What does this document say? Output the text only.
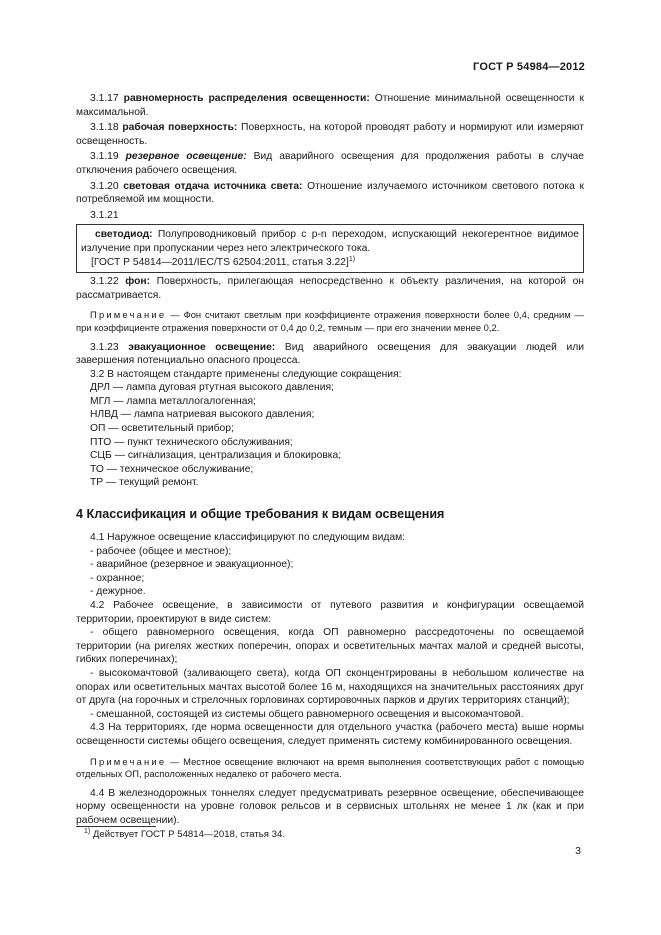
ГОСТ Р 54984—2012

3.1.17 равномерность распределения освещенности: Отношение минимальной освещенности к максимальной.

3.1.18 рабочая поверхность: Поверхность, на которой проводят работу и нормируют или измеряют освещенность.

3.1.19 резервное освещение: Вид аварийного освещения для продолжения работы в случае отключения рабочего освещения.

3.1.20 световая отдача источника света: Отношение излучаемого источником светового потока к потребляемой им мощности.

3.1.21

светодиод: Полупроводниковый прибор с p-n переходом, испускающий некогерентное видимое излучение при пропускании через него электрического тока.

[ГОСТ Р 54814—2011/IEC/TS 62504:2011, статья 3.22]$^{1)}$

3.1.22 фон: Поверхность, прилегающая непосредственно к объекту различения, на которой он рассматривается.

Примечание — Фон считают светлым при коэффициенте отражения поверхности более 0,4, средним — при коэффициенте отражения поверхности от 0,4 до 0,2, темным — при его значении менее 0,2.

3.1.23 эвакуационное освещение: Вид аварийного освещения для эвакуации людей или завершения потенциально опасного процесса.

3.2 В настоящем стандарте применены следующие сокращения:

ДРЛ — лампа дуговая ртутная высокого давления;

МГЛ — лампа металлогалогенная;

НЛВД — лампа натриевая высокого давления;

ОП — осветительный прибор;

ПТО — пункт технического обслуживания;

СЦБ — сигнализация, централизация и блокировка;

ТО — техническое обслуживание;

ТР — текущий ремонт.

4 Классификация и общие требования к видам освещения

4.1 Наружное освещение классифицируют по следующим видам:

- рабочее (общее и местное);

- аварийное (резервное и эвакуационное);

- охранное;

- дежурное.

4.2 Рабочее освещение, в зависимости от путевого развития и конфигурации освещаемой территории, проектируют в виде систем:

- общего равномерного освещения, когда ОП равномерно рассредоточены по освещаемой территории (на ригелях жестких поперечин, опорах и осветительных мачтах малой и средней высоты, гибких поперечинах);

- высокомачтовой (заливающего света), когда ОП сконцентрированы в небольшом количестве на опорах или осветительных мачтах высотой более 16 м, находящихся на значительных расстояниях друг от друга (на горочных и стрелочных горловинах сортировочных парков и других территориях станций);

- смешанной, состоящей из системы общего равномерного освещения и высокомачтовой.

4.3 На территориях, где норма освещенности для отдельного участка (рабочего места) выше нормы освещенности системы общего освещения, следует применять систему комбинированного освещения.

Примечание — Местное освещение включают на время выполнения соответствующих работ с помощью отдельных ОП, расположенных недалеко от рабочего места.

4.4 В железнодорожных тоннелях следует предусматривать резервное освещение, обеспечивающее норму освещенности на уровне головок рельсов и в сервисных штольнях не менее 1 лк (как и при рабочем освещении).

$^{1)}$ Действует ГОСТ Р 54814—2018, статья 34.

3
